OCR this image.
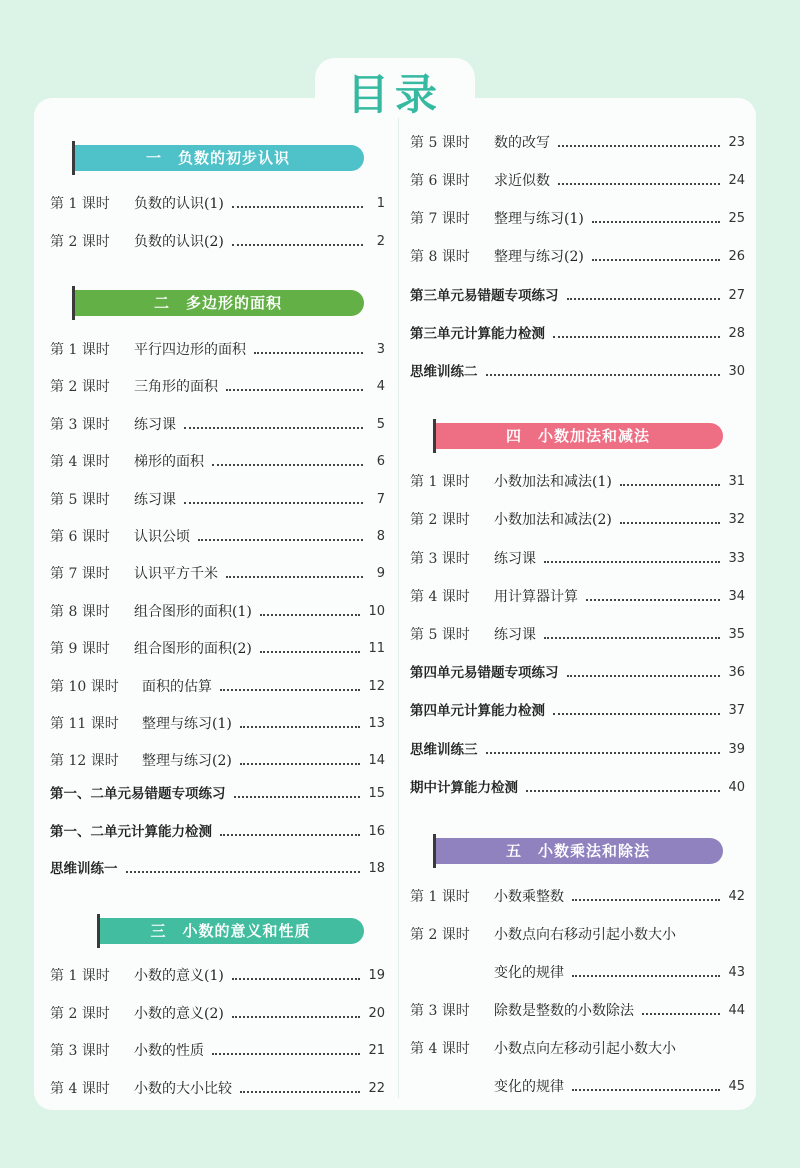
目录
一　负数的初步认识
第 1 课时	负数的认识(1)	1
第 2 课时	负数的认识(2)	2
二　多边形的面积
第 1 课时	平行四边形的面积	3
第 2 课时	三角形的面积	4
第 3 课时	练习课	5
第 4 课时	梯形的面积	6
第 5 课时	练习课	7
第 6 课时	认识公顷	8
第 7 课时	认识平方千米	9
第 8 课时	组合图形的面积(1)	10
第 9 课时	组合图形的面积(2)	11
第 10 课时	面积的估算	12
第 11 课时	整理与练习(1)	13
第 12 课时	整理与练习(2)	14
第一、二单元易错题专项练习	15
第一、二单元计算能力检测	16
思维训练一	18
三　小数的意义和性质
第 1 课时	小数的意义(1)	19
第 2 课时	小数的意义(2)	20
第 3 课时	小数的性质	21
第 4 课时	小数的大小比较	22
第 5 课时	数的改写	23
第 6 课时	求近似数	24
第 7 课时	整理与练习(1)	25
第 8 课时	整理与练习(2)	26
第三单元易错题专项练习	27
第三单元计算能力检测	28
思维训练二	30
四　小数加法和减法
第 1 课时	小数加法和减法(1)	31
第 2 课时	小数加法和减法(2)	32
第 3 课时	练习课	33
第 4 课时	用计算器计算	34
第 5 课时	练习课	35
第四单元易错题专项练习	36
第四单元计算能力检测	37
思维训练三	39
期中计算能力检测	40
五　小数乘法和除法
第 1 课时	小数乘整数	42
第 2 课时	小数点向右移动引起小数大小
变化的规律	43
第 3 课时	除数是整数的小数除法	44
第 4 课时	小数点向左移动引起小数大小
变化的规律	45
